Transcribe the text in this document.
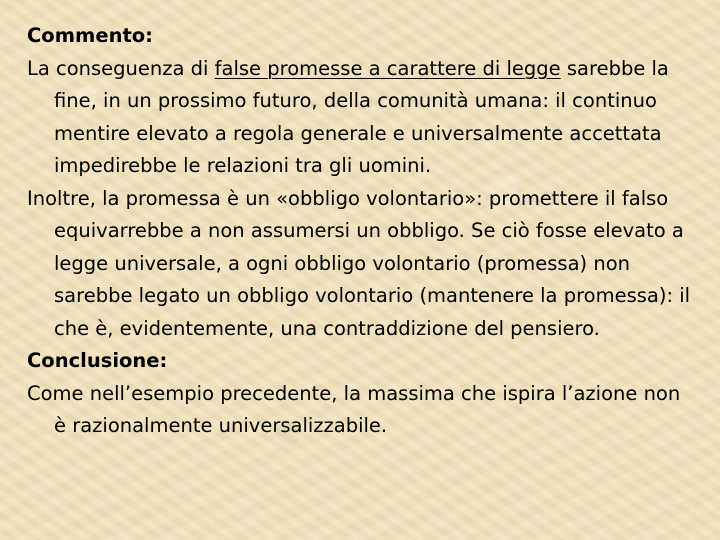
Commento:

La conseguenza di false promesse a carattere di legge sarebbe la fine, in un prossimo futuro, della comunità umana: il continuo mentire elevato a regola generale e universalmente accettata impedirebbe le relazioni tra gli uomini.

Inoltre, la promessa è un «obbligo volontario»: promettere il falso equivarrebbe a non assumersi un obbligo. Se ciò fosse elevato a legge universale, a ogni obbligo volontario (promessa) non sarebbe legato un obbligo volontario (mantenere la promessa): il che è, evidentemente, una contraddizione del pensiero.

Conclusione:

Come nell’esempio precedente, la massima che ispira l’azione non è razionalmente universalizzabile.
